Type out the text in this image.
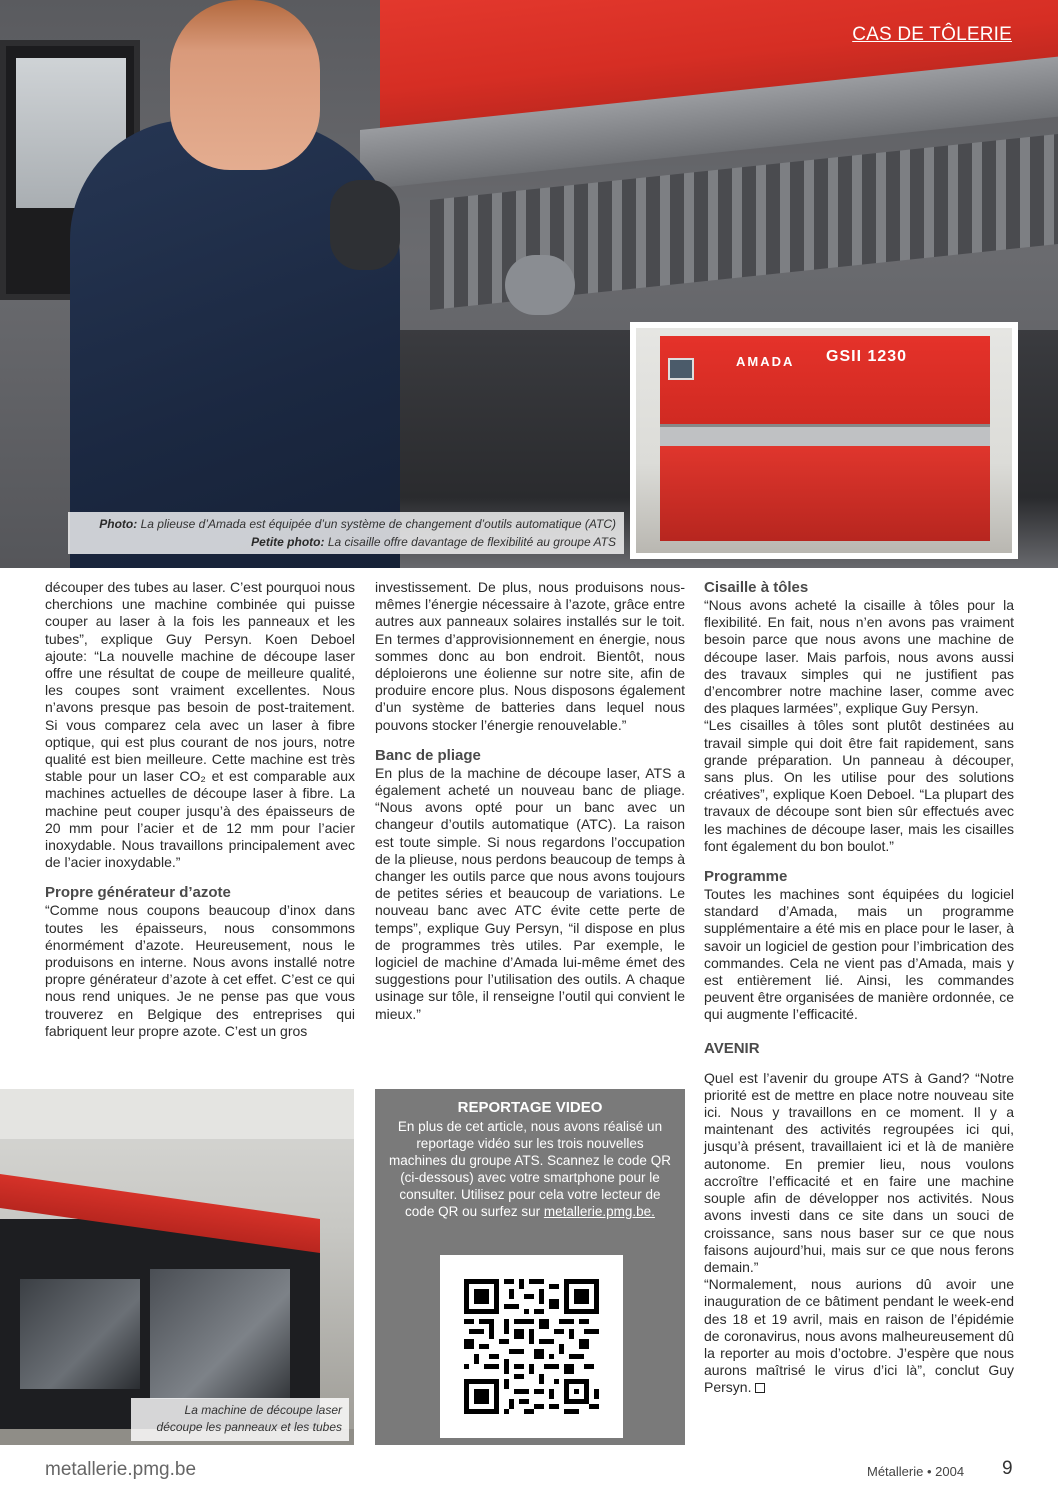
CAS DE TÔLERIE
AMADA GSII 1230
Photo: La plieuse d’Amada est équipée d’un système de changement d’outils automatique (ATC)
Petite photo: La cisaille offre davantage de flexibilité au groupe ATS

découper des tubes au laser. C’est pourquoi nous cherchions une machine combinée qui puisse couper au laser à la fois les panneaux et les tubes”, explique Guy Persyn. Koen Deboel ajoute: “La nouvelle machine de découpe laser offre une résultat de coupe de meilleure qualité, les coupes sont vraiment excellentes. Nous n’avons presque pas besoin de post-traitement. Si vous comparez cela avec un laser à fibre optique, qui est plus courant de nos jours, notre qualité est bien meilleure. Cette machine est très stable pour un laser CO₂ et est comparable aux machines actuelles de découpe laser à fibre. La machine peut couper jusqu’à des épaisseurs de 20 mm pour l’acier et de 12 mm pour l’acier inoxydable. Nous travaillons principalement avec de l’acier inoxydable.”

Propre générateur d’azote

“Comme nous coupons beaucoup d’inox dans toutes les épaisseurs, nous consommons énormément d’azote. Heureusement, nous le produisons en interne. Nous avons installé notre propre générateur d’azote à cet effet. C’est ce qui nous rend uniques. Je ne pense pas que vous trouverez en Belgique des entreprises qui fabriquent leur propre azote. C’est un gros

investissement. De plus, nous produisons nous-mêmes l’énergie nécessaire à l’azote, grâce entre autres aux panneaux solaires installés sur le toit. En termes d’approvisionnement en énergie, nous sommes donc au bon endroit. Bientôt, nous déploierons une éolienne sur notre site, afin de produire encore plus. Nous disposons également d’un système de batteries dans lequel nous pouvons stocker l’énergie renouvelable.”

Banc de pliage

En plus de la machine de découpe laser, ATS a également acheté un nouveau banc de pliage. “Nous avons opté pour un banc avec un changeur d’outils automatique (ATC). La raison est toute simple. Si nous regardons l’occupation de la plieuse, nous perdons beaucoup de temps à changer les outils parce que nous avons toujours de petites séries et beaucoup de variations. Le nouveau banc avec ATC évite cette perte de temps”, explique Guy Persyn, “il dispose en plus de programmes très utiles. Par exemple, le logiciel de machine d’Amada lui-même émet des suggestions pour l’utilisation des outils. A chaque usinage sur tôle, il renseigne l’outil qui convient le mieux.”

Cisaille à tôles

“Nous avons acheté la cisaille à tôles pour la flexibilité. En fait, nous n’en avons pas vraiment besoin parce que nous avons une machine de découpe laser. Mais parfois, nous avons aussi des travaux simples qui ne justifient pas d’encombrer notre machine laser, comme avec des plaques larmées”, explique Guy Persyn.

“Les cisailles à tôles sont plutôt destinées au travail simple qui doit être fait rapidement, sans grande préparation. Un panneau à découper, sans plus. On les utilise pour des solutions créatives”, explique Koen Deboel. “La plupart des travaux de découpe sont bien sûr effectués avec les machines de découpe laser, mais les cisailles font également du bon boulot.”

Programme

Toutes les machines sont équipées du logiciel standard d’Amada, mais un programme supplémentaire a été mis en place pour le laser, à savoir un logiciel de gestion pour l’imbrication des commandes. Cela ne vient pas d’Amada, mais y est entièrement lié. Ainsi, les commandes peuvent être organisées de manière ordonnée, ce qui augmente l’efficacité.

AVENIR

Quel est l’avenir du groupe ATS à Gand? “Notre priorité est de mettre en place notre nouveau site ici. Nous y travaillons en ce moment. Il y a maintenant des activités regroupées ici qui, jusqu’à présent, travaillaient ici et là de manière autonome. En premier lieu, nous voulons accroître l’efficacité et en faire une machine souple afin de développer nos activités. Nous avons investi dans ce site dans un souci de croissance, sans nous baser sur ce que nous faisons aujourd’hui, mais sur ce que nous ferons demain.”

“Normalement, nous aurions dû avoir une inauguration de ce bâtiment pendant le week-end des 18 et 19 avril, mais en raison de l’épidémie de coronavirus, nous avons malheureusement dû la reporter au mois d’octobre. J’espère que nous aurons maîtrisé le virus d’ici là”, conclut Guy Persyn.

La machine de découpe laser
découpe les panneaux et les tubes
REPORTAGE VIDEO
En plus de cet article, nous avons réalisé un reportage vidéo sur les trois nouvelles machines du groupe ATS. Scannez le code QR (ci-dessous) avec votre smartphone pour le consulter. Utilisez pour cela votre lecteur de code QR ou surfez sur metallerie.pmg.be.
metallerie.pmg.be	Métallerie • 2004 9
